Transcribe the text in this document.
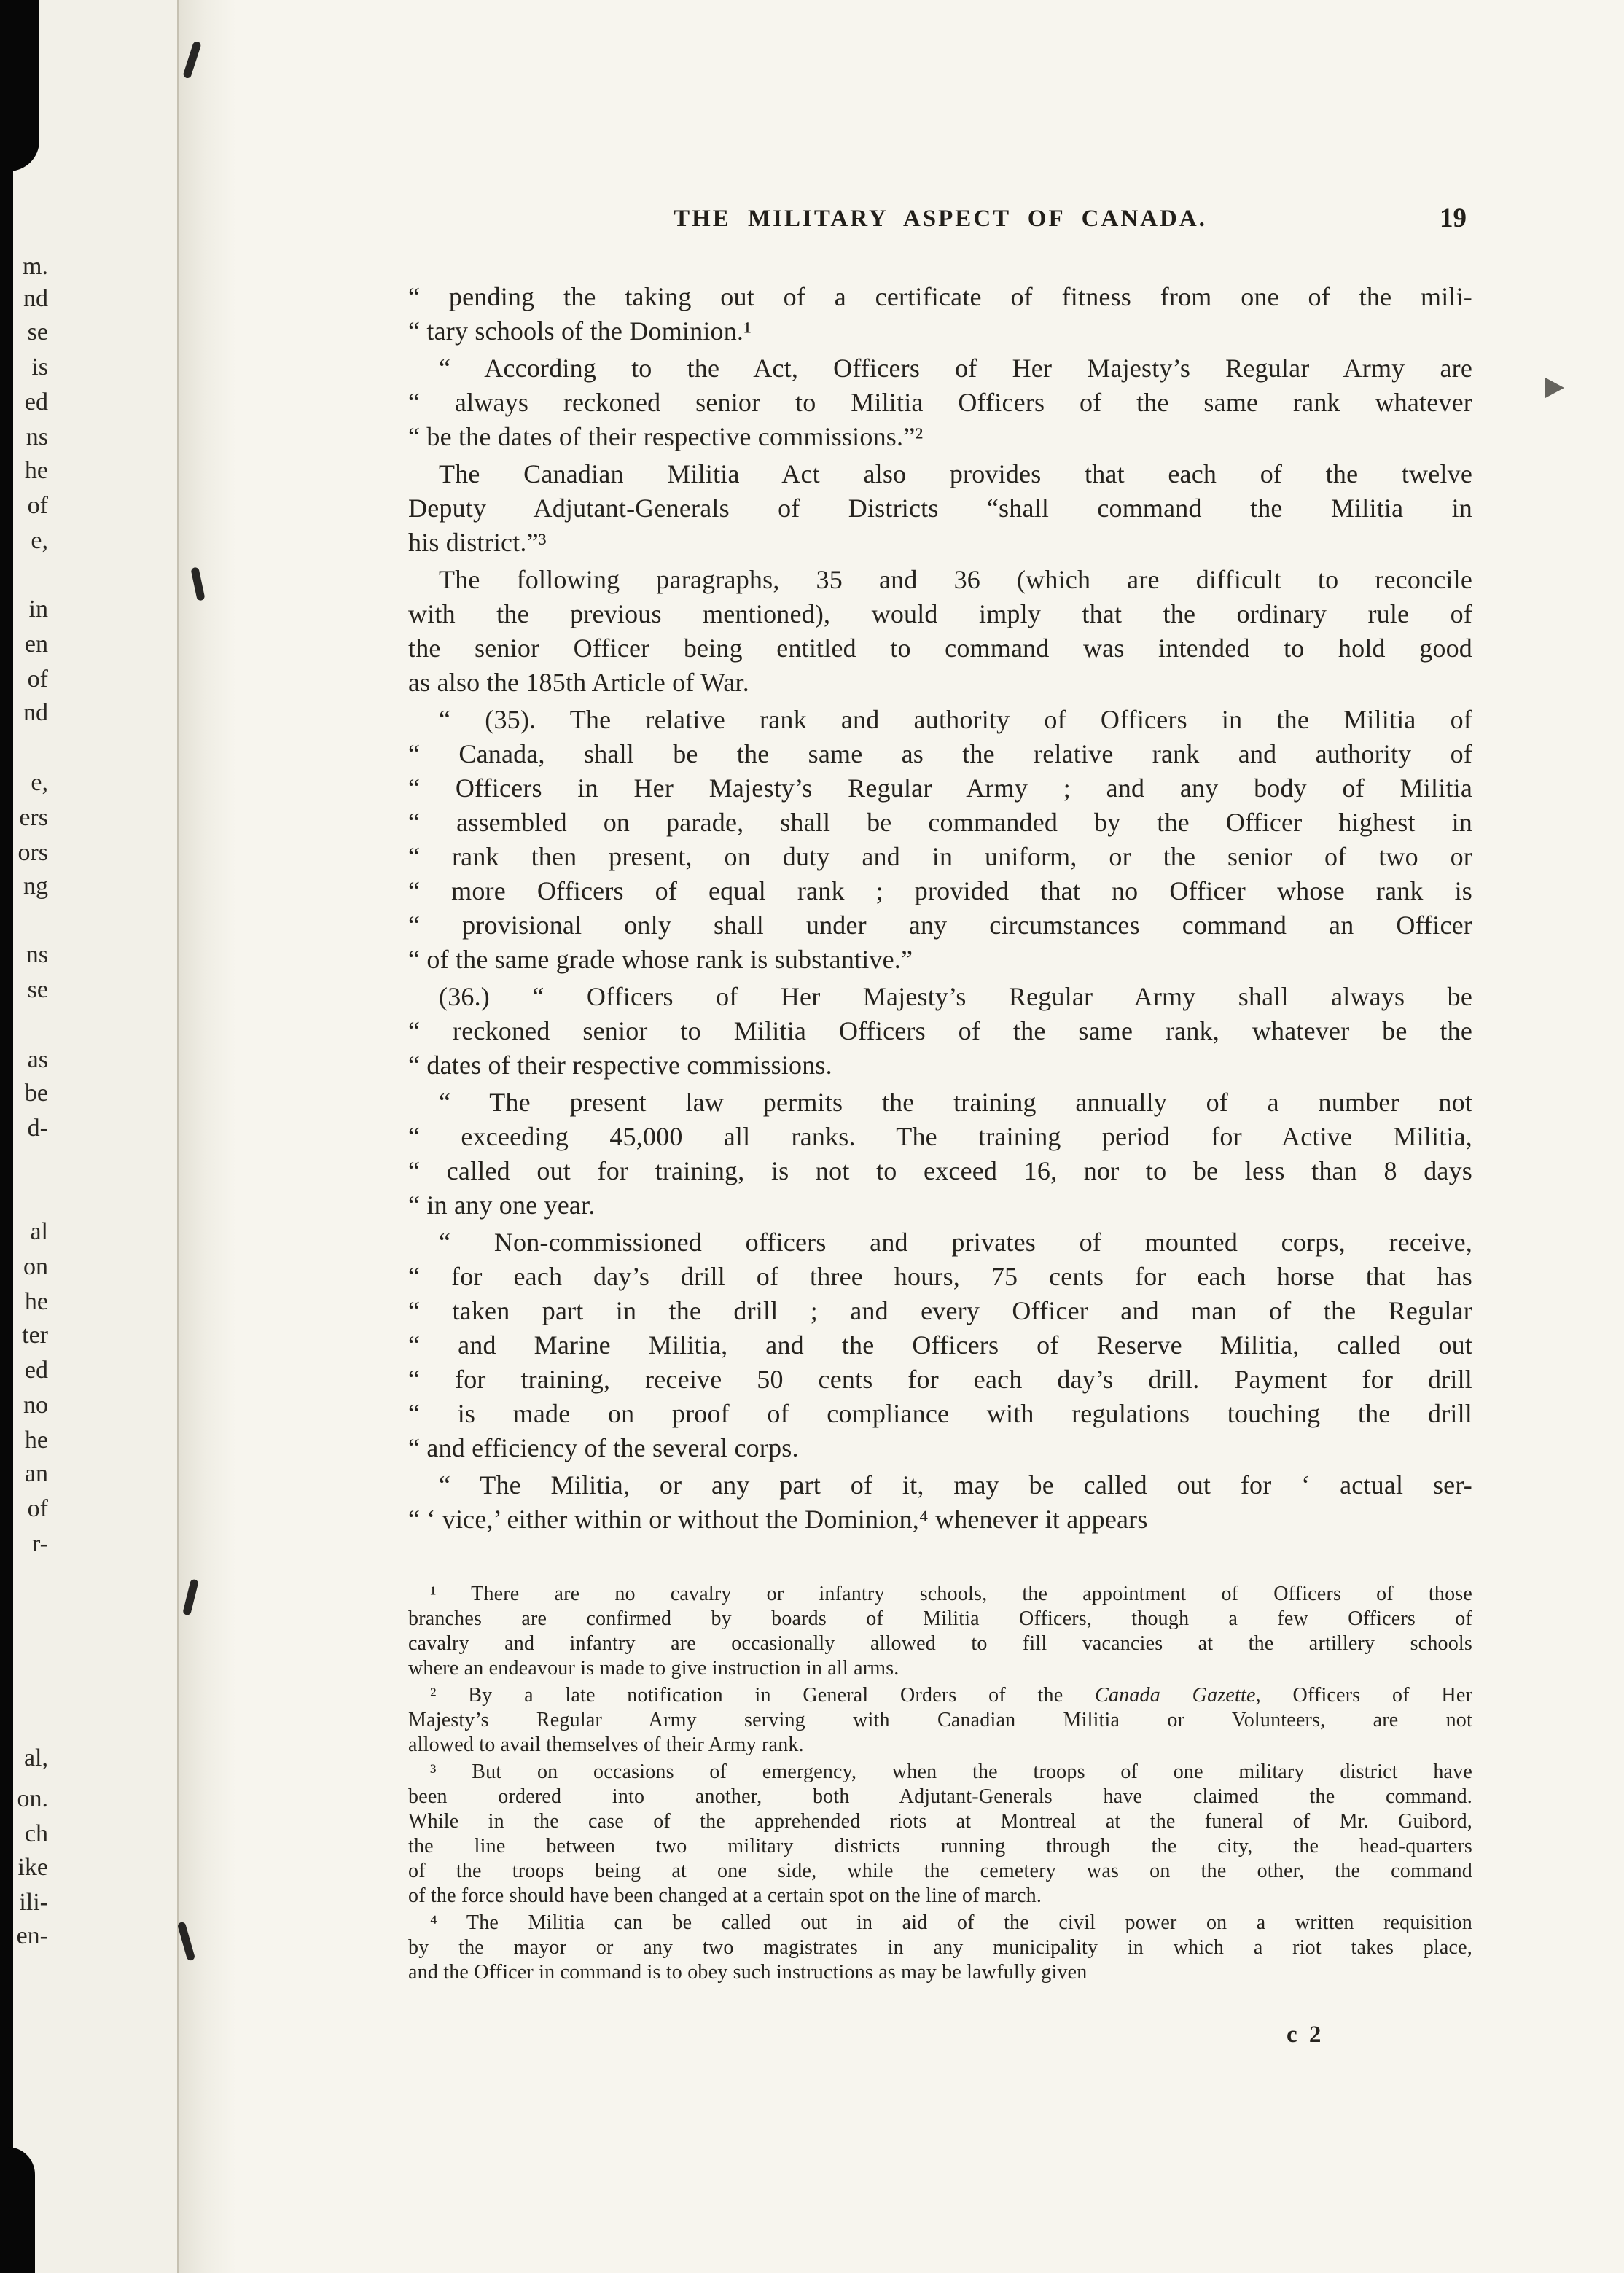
m.
nd
se
is
ed
ns
he
of
e,
in
en
of
nd
e,
ers
ors
ng
ns
se
as
be
d-
al
on
he
ter
ed
no
he
an
of
r-
al,
on.
ch
ike
ili-
en-
THE MILITARY ASPECT OF CANADA.	19
“ pending the taking out of a certificate of fitness from one of the mili-
“ tary schools of the Dominion.¹
“ According to the Act, Officers of Her Majesty’s Regular Army are
“ always reckoned senior to Militia Officers of the same rank whatever
“ be the dates of their respective commissions.”²
The Canadian Militia Act also provides that each of the twelve
Deputy Adjutant-Generals of Districts “shall command the Militia in
his district.”³
The following paragraphs, 35 and 36 (which are difficult to reconcile
with the previous mentioned), would imply that the ordinary rule of
the senior Officer being entitled to command was intended to hold good
as also the 185th Article of War.
“ (35). The relative rank and authority of Officers in the Militia of
“ Canada, shall be the same as the relative rank and authority of
“ Officers in Her Majesty’s Regular Army ; and any body of Militia
“ assembled on parade, shall be commanded by the Officer highest in
“ rank then present, on duty and in uniform, or the senior of two or
“ more Officers of equal rank ; provided that no Officer whose rank is
“ provisional only shall under any circumstances command an Officer
“ of the same grade whose rank is substantive.”
(36.) “ Officers of Her Majesty’s Regular Army shall always be
“ reckoned senior to Militia Officers of the same rank, whatever be the
“ dates of their respective commissions.
“ The present law permits the training annually of a number not
“ exceeding 45,000 all ranks. The training period for Active Militia,
“ called out for training, is not to exceed 16, nor to be less than 8 days
“ in any one year.
“ Non-commissioned officers and privates of mounted corps, receive,
“ for each day’s drill of three hours, 75 cents for each horse that has
“ taken part in the drill ; and every Officer and man of the Regular
“ and Marine Militia, and the Officers of Reserve Militia, called out
“ for training, receive 50 cents for each day’s drill. Payment for drill
“ is made on proof of compliance with regulations touching the drill
“ and efficiency of the several corps.
“ The Militia, or any part of it, may be called out for ‘ actual ser-
“ ‘ vice,’ either within or without the Dominion,⁴ whenever it appears
¹ There are no cavalry or infantry schools, the appointment of Officers of those
branches are confirmed by boards of Militia Officers, though a few Officers of
cavalry and infantry are occasionally allowed to fill vacancies at the artillery schools
where an endeavour is made to give instruction in all arms.
² By a late notification in General Orders of the Canada Gazette, Officers of Her
Majesty’s Regular Army serving with Canadian Militia or Volunteers, are not
allowed to avail themselves of their Army rank.
³ But on occasions of emergency, when the troops of one military district have
been ordered into another, both Adjutant-Generals have claimed the command.
While in the case of the apprehended riots at Montreal at the funeral of Mr. Guibord,
the line between two military districts running through the city, the head-quarters
of the troops being at one side, while the cemetery was on the other, the command
of the force should have been changed at a certain spot on the line of march.
⁴ The Militia can be called out in aid of the civil power on a written requisition
by the mayor or any two magistrates in any municipality in which a riot takes place,
and the Officer in command is to obey such instructions as may be lawfully given
c 2
